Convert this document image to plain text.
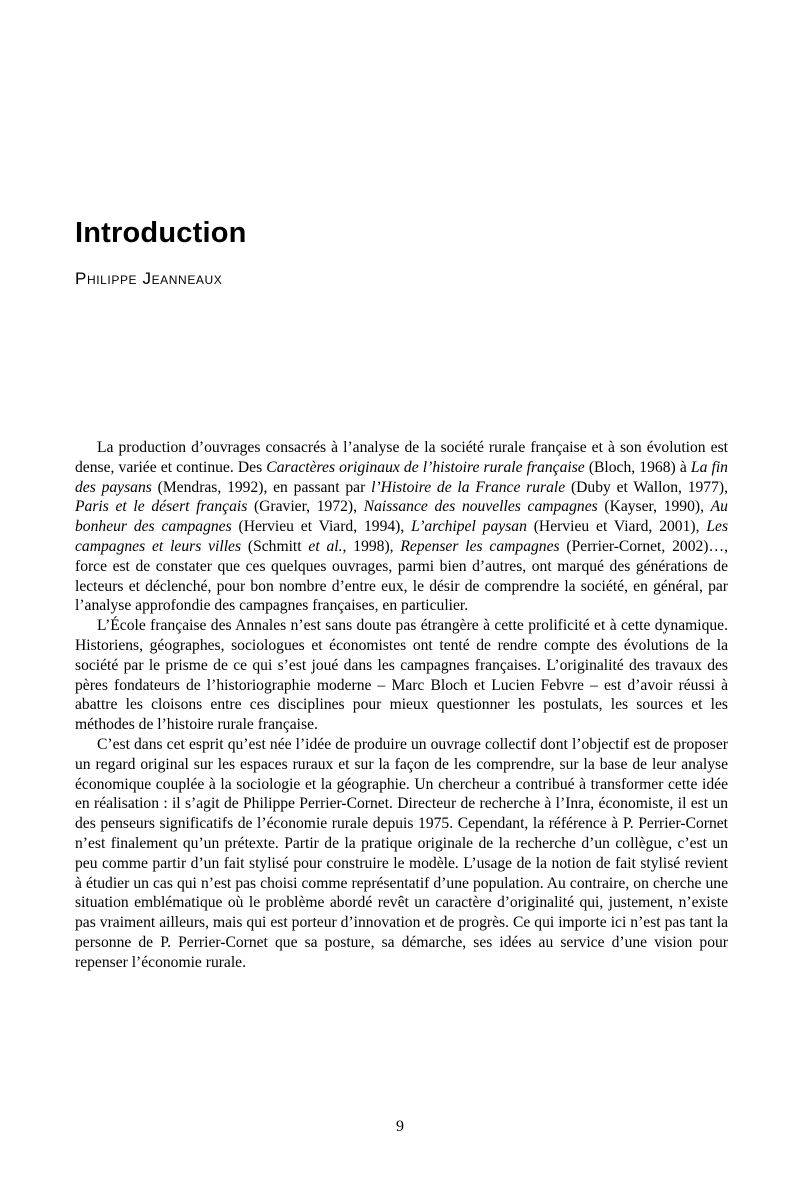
Introduction
Philippe Jeanneaux

La production d’ouvrages consacrés à l’analyse de la société rurale française et à son évolution est dense, variée et continue. Des Caractères originaux de l’histoire rurale française (Bloch, 1968) à La fin des paysans (Mendras, 1992), en passant par l’Histoire de la France rurale (Duby et Wallon, 1977), Paris et le désert français (Gravier, 1972), Naissance des nouvelles campagnes (Kayser, 1990), Au bonheur des campagnes (Hervieu et Viard, 1994), L’archipel paysan (Hervieu et Viard, 2001), Les campagnes et leurs villes (Schmitt et al., 1998), Repenser les campagnes (Perrier-Cornet, 2002)…, force est de constater que ces quelques ouvrages, parmi bien d’autres, ont marqué des générations de lecteurs et déclenché, pour bon nombre d’entre eux, le désir de comprendre la société, en général, par l’analyse approfondie des campagnes françaises, en particulier.

L’École française des Annales n’est sans doute pas étrangère à cette prolificité et à cette dynamique. Historiens, géographes, sociologues et économistes ont tenté de rendre compte des évolutions de la société par le prisme de ce qui s’est joué dans les campagnes françaises. L’originalité des travaux des pères fondateurs de l’historiographie moderne – Marc Bloch et Lucien Febvre – est d’avoir réussi à abattre les cloisons entre ces disciplines pour mieux questionner les postulats, les sources et les méthodes de l’histoire rurale française.

C’est dans cet esprit qu’est née l’idée de produire un ouvrage collectif dont l’objectif est de proposer un regard original sur les espaces ruraux et sur la façon de les comprendre, sur la base de leur analyse économique couplée à la sociologie et la géographie. Un chercheur a contribué à transformer cette idée en réalisation : il s’agit de Philippe Perrier-Cornet. Directeur de recherche à l’Inra, économiste, il est un des penseurs significatifs de l’économie rurale depuis 1975. Cependant, la référence à P. Perrier-Cornet n’est finalement qu’un prétexte. Partir de la pratique originale de la recherche d’un collègue, c’est un peu comme partir d’un fait stylisé pour construire le modèle. L’usage de la notion de fait stylisé revient à étudier un cas qui n’est pas choisi comme représentatif d’une population. Au contraire, on cherche une situation emblématique où le problème abordé revêt un caractère d’originalité qui, justement, n’existe pas vraiment ailleurs, mais qui est porteur d’innovation et de progrès. Ce qui importe ici n’est pas tant la personne de P. Perrier-Cornet que sa posture, sa démarche, ses idées au service d’une vision pour repenser l’économie rurale.

9
